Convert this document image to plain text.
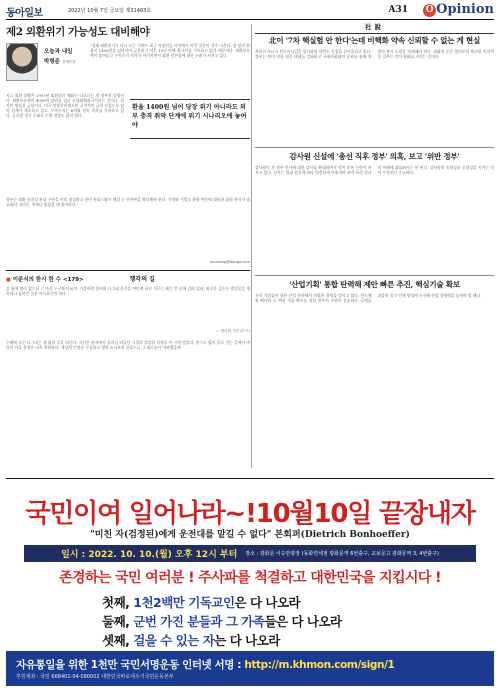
동아일보	2022년 10월 7일 금요일 제31463호	A31 O Opinion
제2 외환위기 가능성도 대비해야
오늘과 내일
박형준 경제부장
"경제 외환위기가 다시 오는 거야?" 최근 직장인들 사이에서 이런 질문이 자주 나온다. 원-달러 환율이 1400원을 넘어서며 금융위기 이후 13년 만에 최고치를 기록하고 있기 때문이다. 외환보유액이 줄어들고 무역수지 적자가 이어지면서 외환 건전성에 대한 우려가 커지고 있다.
지금 외환 상황은 1997년 외환위기 때와는 다르다는 게 정부의 설명이다. 외환보유액이 4000억 달러를 넘고 순대외채권국이라는 것이다. 하지만 방심은 금물이다. 미국 연방준비제도의 공격적인 금리 인상으로 달러 강세가 계속되고 있고, 무역수지는 6개월 연속 적자를 기록하고 있다. 글로벌 경기 둔화로 수출 전망도 밝지 않다.
환율 1400원 넘어 당장 위기 아니라도 외부 충격 취약 단계에 위기 시나리오에 놓여야
정부는 외환 건전성 관리 수단을 미리 점검하고 한미 통화스와프 체결 등 안전판을 확보해야 한다. 가계와 기업도 환율 변동에 대비한 위험 관리가 필요하다. 위기는 언제나 방심할 때 찾아온다.
lovesong@donga.com
● 이준식의 한시 한 수 <179>	행각의 길
길 위에 벗이 없으니 그 마음 누구와 나눌까. 가을바람 불어와 나그네 옷깃을 여미게 하고 저무는 해는 먼 산에 걸려 있네. 외로운 길손은 발걸음을 재촉하나 돌아갈 곳은 아득하기만 하다.
— 당나라 시인 (?~?)
수레에 오른 나그네는 쉼 없이 길을 떠난다. 시인은 관직에서 물러나 떠돌던 시절의 쓸쓸한 심정을 이 시에 담았다. 친구도 없이 홀로 걷는 길에서 바라본 가을 풍경은 더욱 처연하다. 세상의 인정은 무상하고 벗의 소식조차 끊겼으니 그 외로움이 어떠했을까.
社說
北이 '7차 핵실험 안 한다'는데 비핵화 약속 신뢰할 수 없는 게 현실
북한이 또다시 탄도미사일을 발사하며 한반도 긴장을 끌어올리고 있다. 정부는 한미 연합 대응 태세를 강화하고 국제사회와의 공조를 통해 북한의 추가 도발을 억제해야 한다. 대화의 문은 열어두되 확고한 억지력을 갖추는 것이 평화를 지키는 길이다.
감사원 신설에 '총선 직후 정부' 의혹, 보고 '위반 정부'
감사원이 전 정부 인사에 대한 감사를 확대하면서 정치 보복 논란이 커지고 있다. 감사는 법과 원칙에 따라 엄정하게 이뤄져야 하며 특정 정파의 이해에 휘둘려서는 안 된다. 감사원의 독립성과 중립성을 지키는 것이 무엇보다 중요하다.
'산업기획' 통합 탄력해 제안 빠른 추진, 핵심기술 확보
우리 기업들이 첨단 산업 분야에서 치열한 경쟁을 벌이고 있다. 반도체와 배터리 등 핵심 기술 확보를 위한 정부의 지원이 절실하다. 규제를 과감히 풀고 인재 양성에 투자해 산업 경쟁력을 높여야 할 때다.
국민이여 일어나라~!10월10일 끝장내자
"미친 자(검정된)에게 운전대를 맡길 수 없다" 본회퍼(Dietrich Bonhoeffer)
일시 : 2022. 10. 10.(월) 오후 12시 부터 장소 : 광화문 이승만광장 (동화면세점 광화문역 6번출구, 교보문고 광화문역 3, 4번출구)
존경하는 국민 여러분 ! 주사파를 척결하고 대한민국을 지킵시다 !
첫째, 1천2백만 기독교인은 다 나오라
둘째, 군번 가진 분들과 그 가족들은 다 나오라
셋째, 걸을 수 있는 자는 다 나오라
자유통일을 위한 1천만 국민서명운동 인터넷 서명 : http://m.khmon.com/sign/1
후원계좌 : 국민 668401-04-090002 대한민국바로세우기국민운동본부
